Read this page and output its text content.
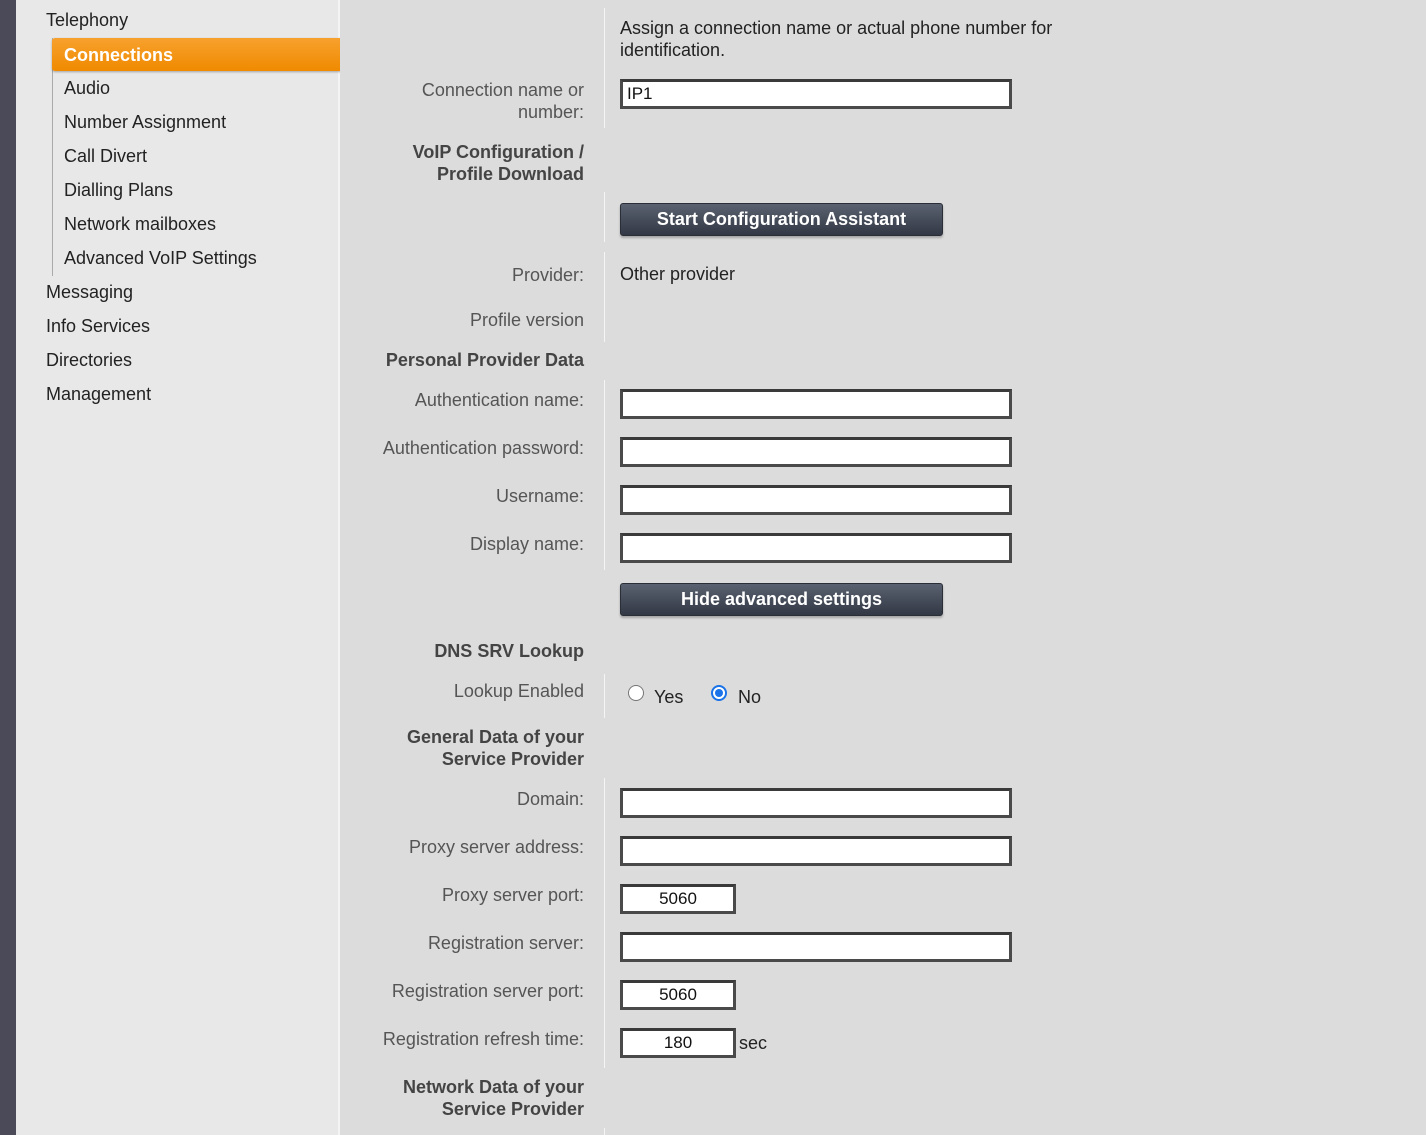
Telephony
Connections
Audio
Number Assignment
Call Divert
Dialling Plans
Network mailboxes
Advanced VoIP Settings
Messaging
Info Services
Directories
Management
Assign a connection name or actual phone number for identification.
Connection name or number:
IP1
VoIP Configuration / Profile Download
Start Configuration Assistant
Provider: Other provider
Profile version
Personal Provider Data
Authentication name:
Authentication password:
Username:
Display name:
Hide advanced settings
DNS SRV Lookup
Lookup Enabled	Yes	No
General Data of your Service Provider
Domain:
Proxy server address:
Proxy server port:
5060
Registration server:
Registration server port:
5060
Registration refresh time:
180	sec
Network Data of your Service Provider
